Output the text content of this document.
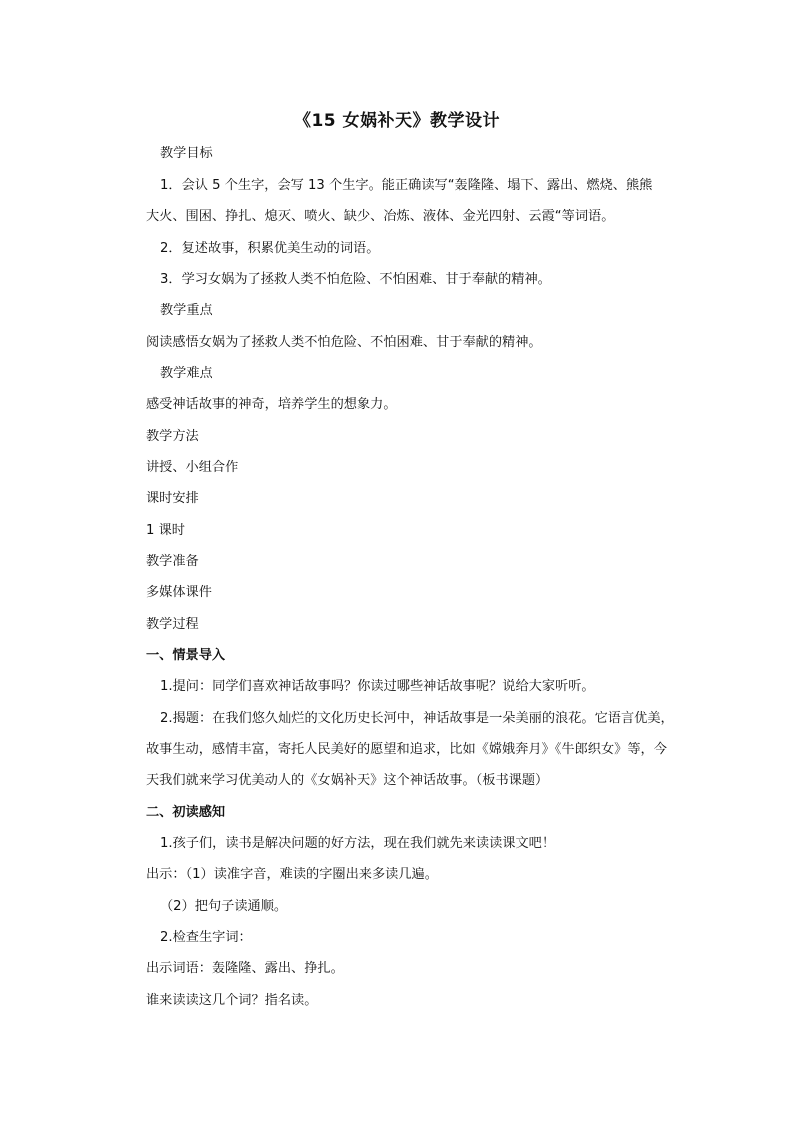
《15 女娲补天》教学设计
教学目标
1．会认 5 个生字，会写 13 个生字。能正确读写“轰隆隆、塌下、露出、燃烧、熊熊
大火、围困、挣扎、熄灭、喷火、缺少、冶炼、液体、金光四射、云霞“等词语。
2．复述故事，积累优美生动的词语。
3．学习女娲为了拯救人类不怕危险、不怕困难、甘于奉献的精神。
教学重点
阅读感悟女娲为了拯救人类不怕危险、不怕困难、甘于奉献的精神。
教学难点
感受神话故事的神奇，培养学生的想象力。
教学方法
讲授、小组合作
课时安排
1 课时
教学准备
多媒体课件
教学过程
一、情景导入
1.提问：同学们喜欢神话故事吗？你读过哪些神话故事呢？说给大家听听。
2.揭题：在我们悠久灿烂的文化历史长河中，神话故事是一朵美丽的浪花。它语言优美，
故事生动，感情丰富，寄托人民美好的愿望和追求，比如《嫦娥奔月》《牛郎织女》等，今
天我们就来学习优美动人的《女娲补天》这个神话故事。（板书课题）
二、初读感知
1.孩子们，读书是解决问题的好方法，现在我们就先来读读课文吧！
出示：（1）读准字音，难读的字圈出来多读几遍。
（2）把句子读通顺。
2.检查生字词：
出示词语：轰隆隆、露出、挣扎。
谁来读读这几个词？指名读。
